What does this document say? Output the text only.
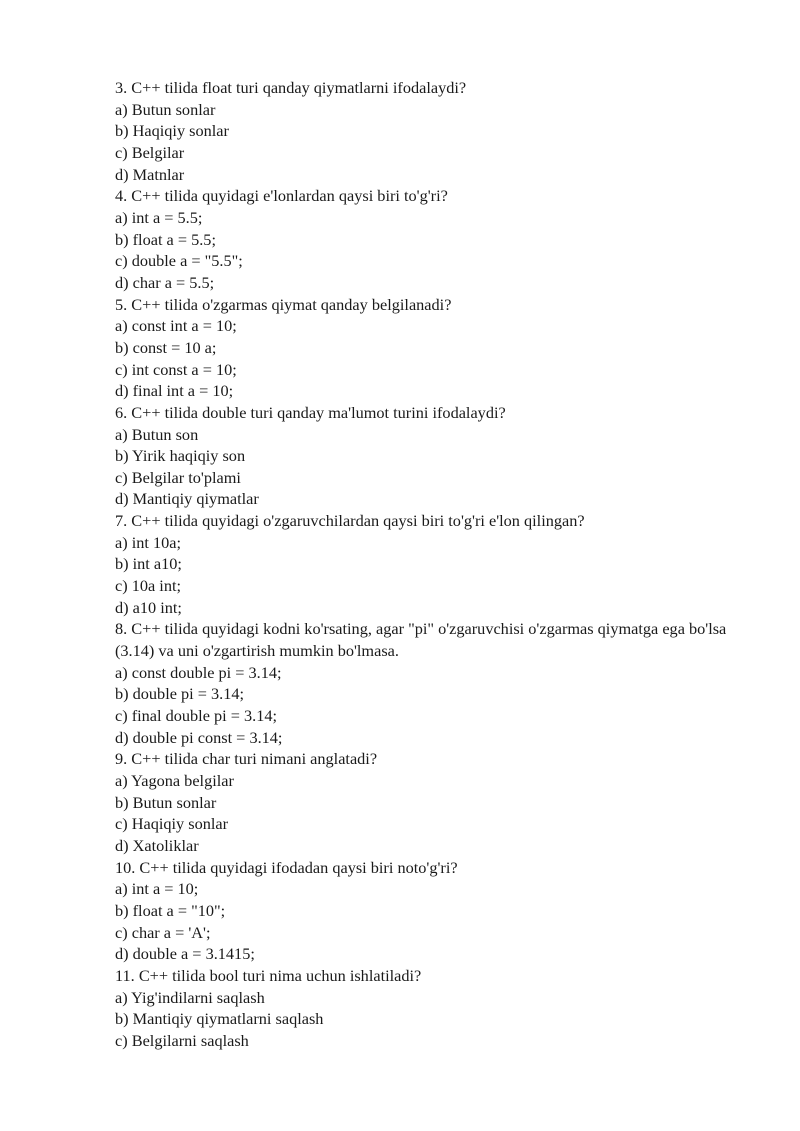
3. C++ tilida float turi qanday qiymatlarni ifodalaydi?

a) Butun sonlar

b) Haqiqiy sonlar

c) Belgilar

d) Matnlar

4. C++ tilida quyidagi e'lonlardan qaysi biri to'g'ri?

a) int a = 5.5;

b) float a = 5.5;

c) double a = "5.5";

d) char a = 5.5;

5. C++ tilida o'zgarmas qiymat qanday belgilanadi?

a) const int a = 10;

b) const = 10 a;

c) int const a = 10;

d) final int a = 10;

6. C++ tilida double turi qanday ma'lumot turini ifodalaydi?

a) Butun son

b) Yirik haqiqiy son

c) Belgilar to'plami

d) Mantiqiy qiymatlar

7. C++ tilida quyidagi o'zgaruvchilardan qaysi biri to'g'ri e'lon qilingan?

a) int 10a;

b) int a10;

c) 10a int;

d) a10 int;

8. C++ tilida quyidagi kodni ko'rsating, agar "pi" o'zgaruvchisi o'zgarmas qiymatga ega bo'lsa (3.14) va uni o'zgartirish mumkin bo'lmasa.

a) const double pi = 3.14;

b) double pi = 3.14;

c) final double pi = 3.14;

d) double pi const = 3.14;

9. C++ tilida char turi nimani anglatadi?

a) Yagona belgilar

b) Butun sonlar

c) Haqiqiy sonlar

d) Xatoliklar

10. C++ tilida quyidagi ifodadan qaysi biri noto'g'ri?

a) int a = 10;

b) float a = "10";

c) char a = 'A';

d) double a = 3.1415;

11. C++ tilida bool turi nima uchun ishlatiladi?

a) Yig'indilarni saqlash

b) Mantiqiy qiymatlarni saqlash

c) Belgilarni saqlash
